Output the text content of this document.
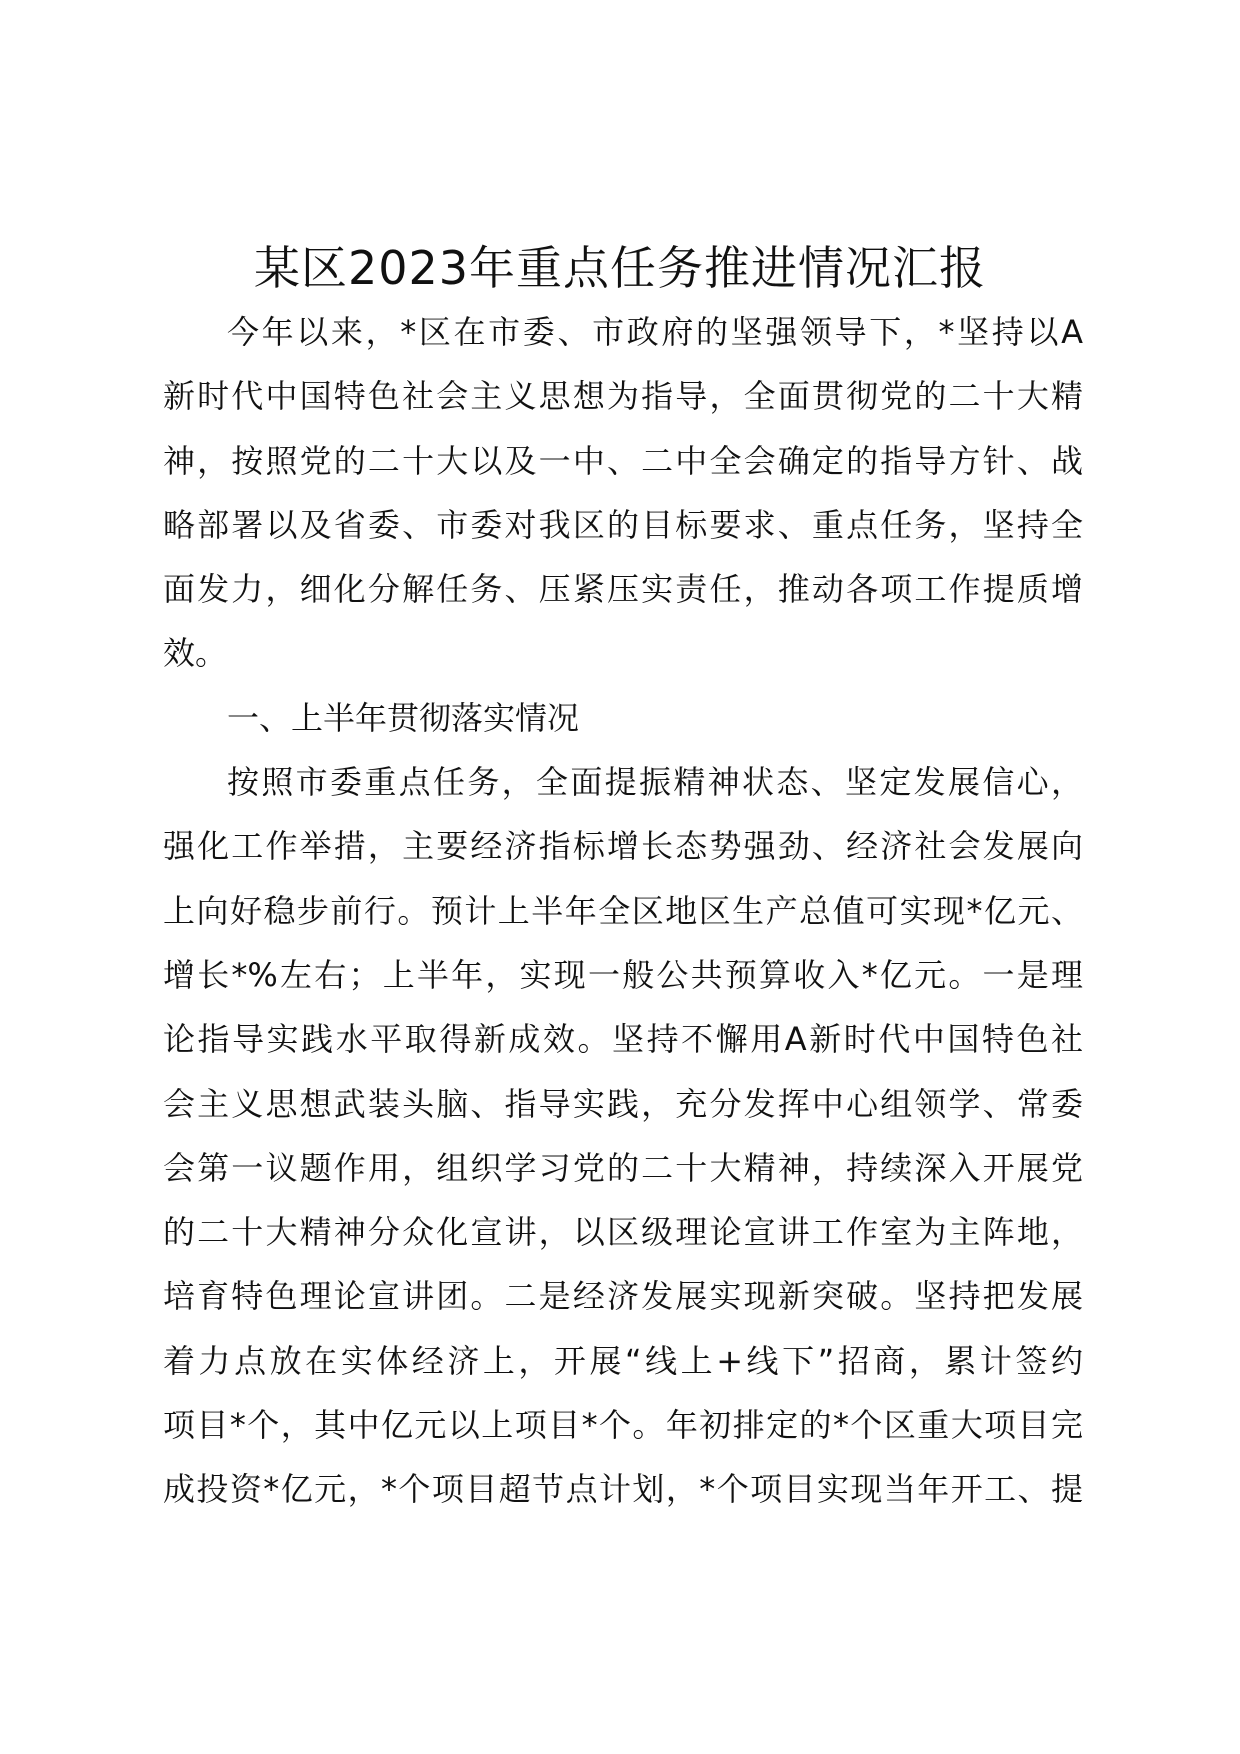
某区2023年重点任务推进情况汇报
今年以来，*区在市委、市政府的坚强领导下，*坚持以A
新时代中国特色社会主义思想为指导，全面贯彻党的二十大精
神，按照党的二十大以及一中、二中全会确定的指导方针、战
略部署以及省委、市委对我区的目标要求、重点任务，坚持全
面发力，细化分解任务、压紧压实责任，推动各项工作提质增
效。
一、上半年贯彻落实情况
按照市委重点任务，全面提振精神状态、坚定发展信心，
强化工作举措，主要经济指标增长态势强劲、经济社会发展向
上向好稳步前行。预计上半年全区地区生产总值可实现*亿元、
增长*%左右；上半年，实现一般公共预算收入*亿元。一是理
论指导实践水平取得新成效。坚持不懈用A新时代中国特色社
会主义思想武装头脑、指导实践，充分发挥中心组领学、常委
会第一议题作用，组织学习党的二十大精神，持续深入开展党
的二十大精神分众化宣讲，以区级理论宣讲工作室为主阵地，
培育特色理论宣讲团。二是经济发展实现新突破。坚持把发展
着力点放在实体经济上，开展“线上+线下”招商，累计签约
项目*个，其中亿元以上项目*个。年初排定的*个区重大项目完
成投资*亿元，*个项目超节点计划，*个项目实现当年开工、提
